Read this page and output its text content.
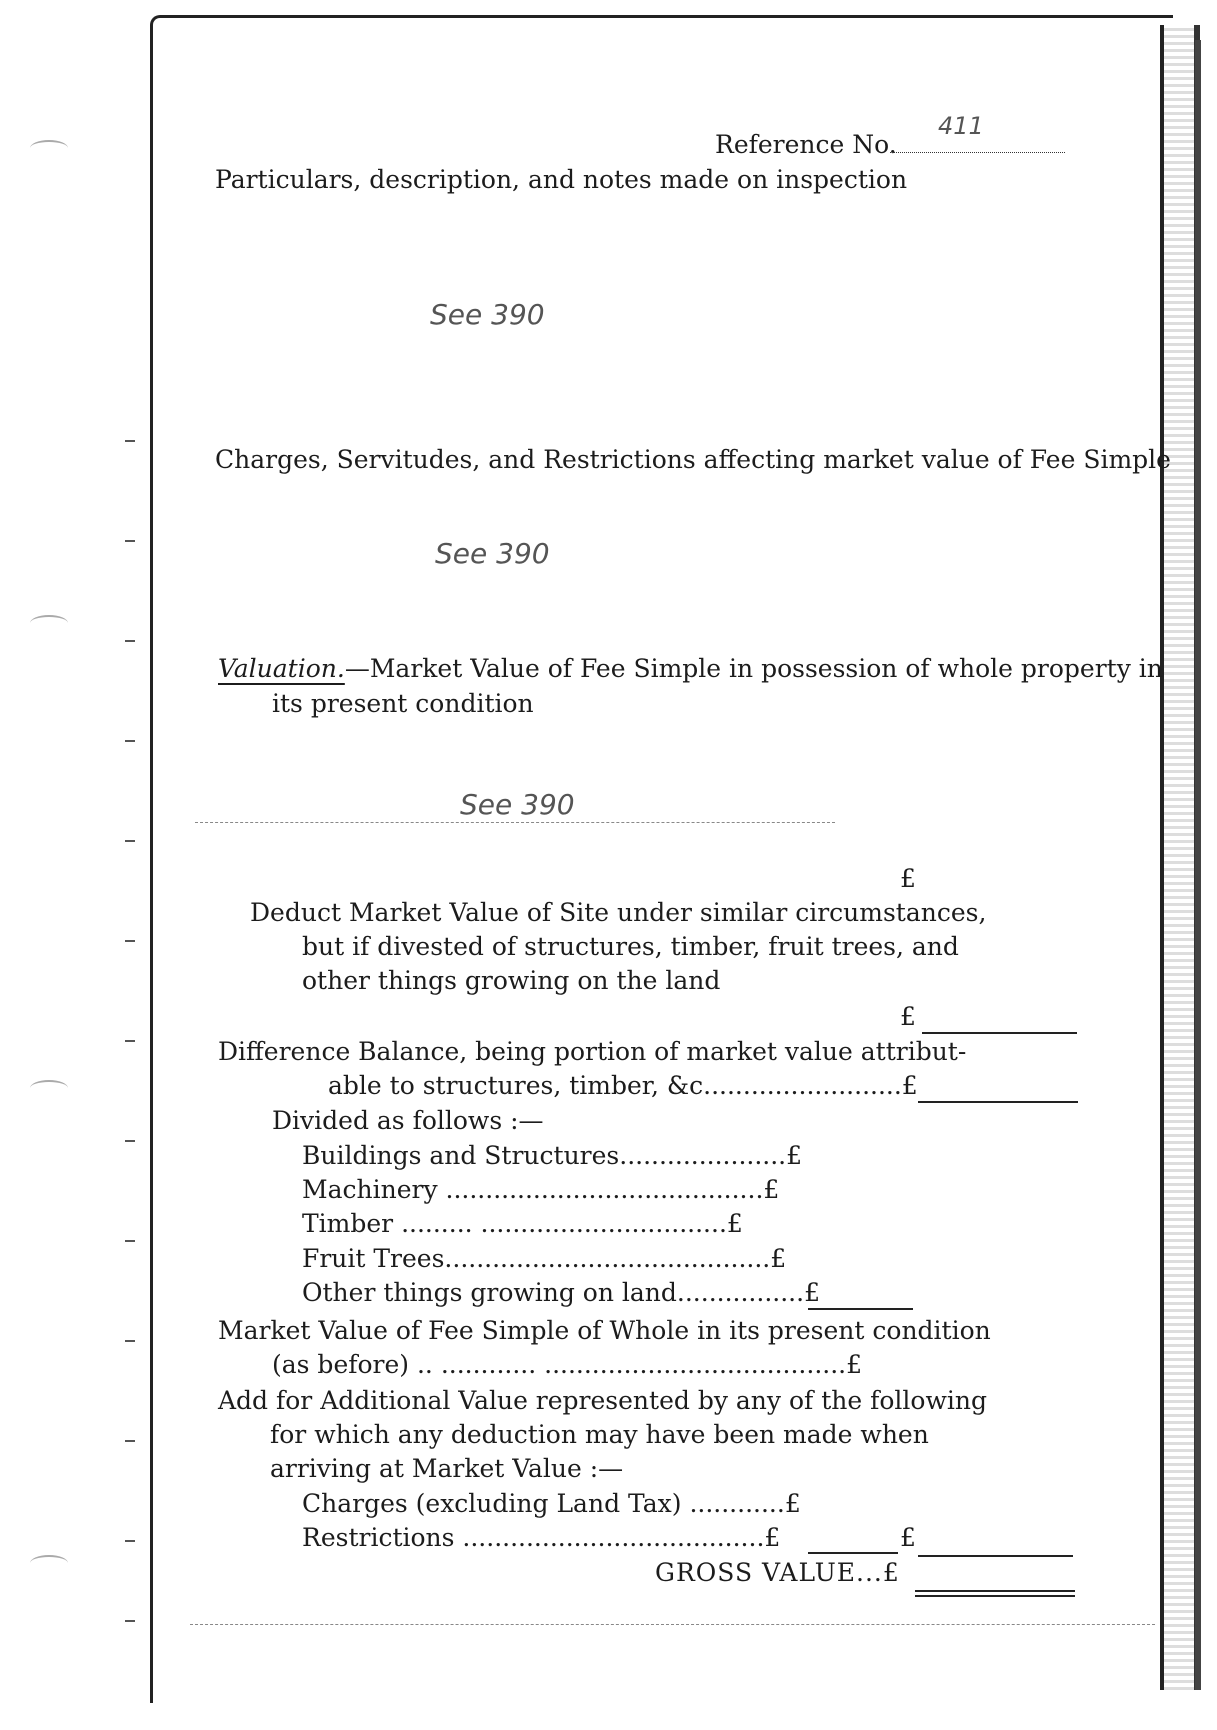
Reference No.
411
Particulars, description, and notes made on inspection
See 390
Charges, Servitudes, and Restrictions affecting market value of Fee Simple
See 390
Valuation.—Market Value of Fee Simple in possession of whole property in
its present condition
See 390
£
Deduct Market Value of Site under similar circumstances,
but if divested of structures, timber, fruit trees, and
other things growing on the land
£
Difference Balance, being portion of market value attribut-
able to structures, timber, &c.........................£
Divided as follows :—
Buildings and Structures.....................£
Machinery ........................................£
Timber ......... ...............................£
Fruit Trees.........................................£
Other things growing on land................£
Market Value of Fee Simple of Whole in its present condition
(as before) .. ............ ......................................£
Add for Additional Value represented by any of the following
for which any deduction may have been made when
arriving at Market Value :—
Charges (excluding Land Tax) ............£
Restrictions ......................................£	£
GROSS VALUE...£
